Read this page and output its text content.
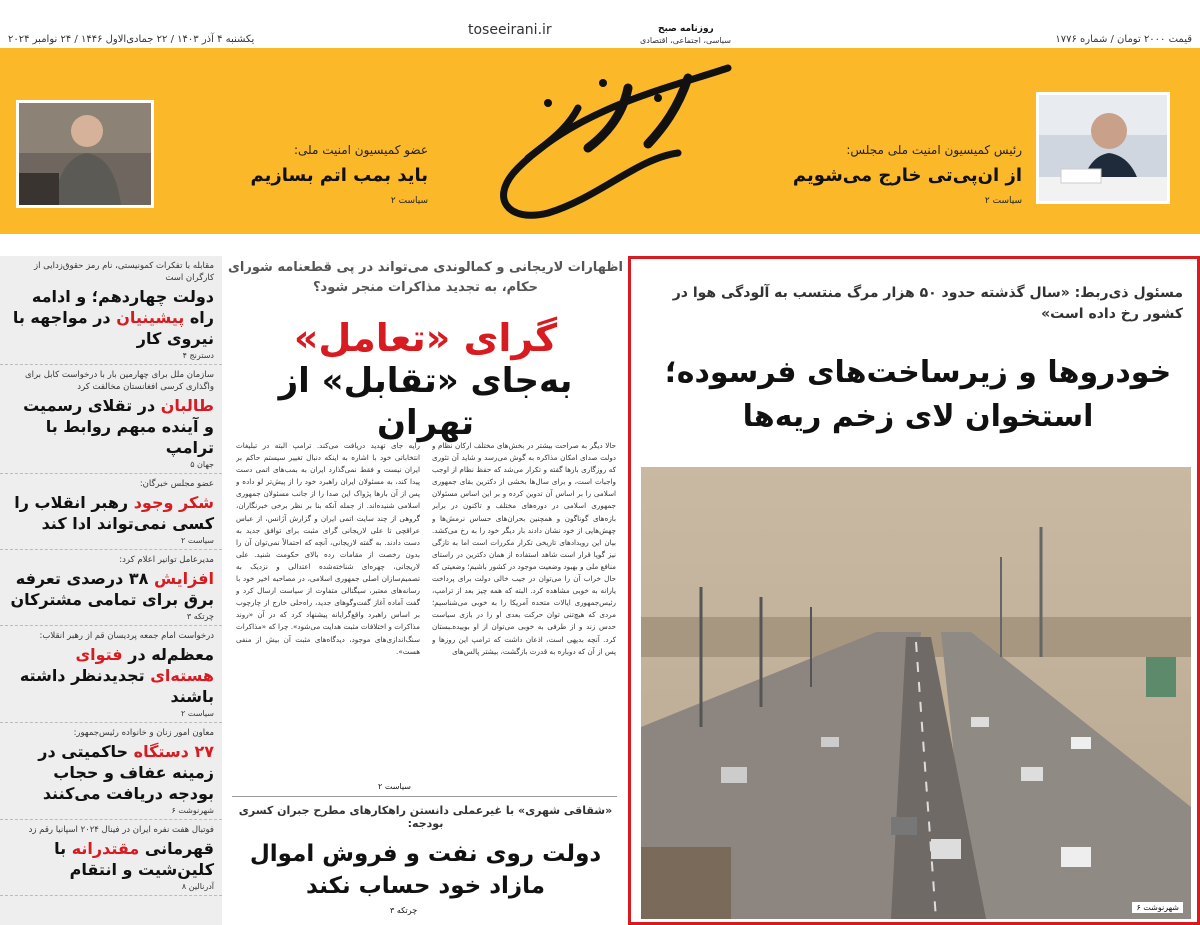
قیمت ۲۰۰۰ تومان / شماره ۱۷۷۶
یکشنبه ۴ آذر ۱۴۰۳ / ۲۲ جمادی‌الاول ۱۴۴۶ / ۲۴ نوامبر ۲۰۲۴
toseeirani.ir	روزنامه صبح
سیاسی، اجتماعی، اقتصادی
رئیس کمیسیون امنیت ملی مجلس:
از ان‌پی‌تی خارج می‌شویم
سیاست ۲
عضو کمیسیون امنیت ملی:
باید بمب اتم بسازیم
سیاست ۲
مقابله با تفکرات کمونیستی، نام رمز حقوق‌زدایی از کارگران است
دولت چهاردهم؛ و ادامه راه پیشینیان در مواجهه با نیروی کار
دسترنج ۴
سازمان ملل برای چهارمین بار با درخواست کابل برای واگذاری کرسی افغانستان مخالفت کرد
طالبان در تقلای رسمیت و آینده مبهم روابط با ترامپ
جهان ۵
عضو مجلس خبرگان:
شکر وجود رهبر انقلاب را کسی نمی‌تواند ادا کند
سیاست ۲
مدیرعامل توانیر اعلام کرد:
افزایش ۳۸ درصدی تعرفه برق برای تمامی مشترکان
چرتکه ۳
درخواست امام جمعه پردیسان قم از رهبر انقلاب:
معظم‌له در فتوای هسته‌ای تجدیدنظر داشته باشند
سیاست ۲
معاون امور زنان و خانواده رئیس‌جمهور:
۲۷ دستگاه حاکمیتی در زمینه عفاف و حجاب بودجه دریافت می‌کنند
شهرنوشت ۶
فوتبال هفت نفره ایران در فینال ۲۰۲۴ اسپانیا رقم زد
قهرمانی مقتدرانه با کلین‌شیت و انتقام
آدرنالین ۸
اظهارات لاریجانی و کمالوندی می‌تواند در پی قطعنامه شورای حکام، به تجدید مذاکرات منجر شود؟
گرای «تعامل»
به‌جای «تقابل» از تهران
حالا دیگر به صراحت بیشتر در بخش‌های مختلف ارکان نظام و دولت صدای امکان مذاکره به گوش می‌رسد و شاید آن تئوری که روزگاری بارها گفته و تکرار می‌شد که حفظ نظام از اوجب واجبات است، و برای سال‌ها بخشی از دکترین بقای جمهوری اسلامی را بر اساس آن تدوین کرده و بر این اساس مسئولان جمهوری اسلامی در دوره‌های مختلف و تاکنون در برابر بازه‌های گوناگون و همچنین بحران‌های حساس نرمش‌ها و چهش‌هایی از خود نشان دادند بار دیگر خود را به رخ می‌کشد. بیان این رویدادهای تاریخی تکرار مکررات است اما به تازگی نیز گویا قرار است شاهد استفاده از همان دکترین در راستای منافع ملی و بهبود وضعیت موجود در کشور باشیم؛ وضعیتی که حال خراب آن را می‌توان در جیب خالی دولت برای پرداخت یارانه به خوبی مشاهده کرد. البته که همه چیز بعد از ترامپ، رئیس‌جمهوری ایالات متحده آمریکا را به خوبی می‌شناسیم؛ مردی که هیچ‌تنی توان حرکت بعدی او را در بازی سیاست حدس زند و از طرفی به خوبی می‌توان از او بوییده‌ـبستان کرد. آنچه بدیهی است، اذعان داشت که ترامپ این روزها و پس از آن که دوباره به قدرت بازگشت، بیشتر پالس‌های
رایه جای تهدید دریافت می‌کند. ترامپ البته در تبلیغات انتخاباتی خود با اشاره به اینکه دنبال تغییر سیستم حاکم بر ایران نیست و فقط نمی‌گذارد ایران به بمب‌های اتمی دست پیدا کند، به مسئولان ایران راهبرد خود را از پیش‌تر لو داده و پس از آن بارها پژواک این صدا را از جانب مسئولان جمهوری اسلامی شنیده‌اند. از جمله آنکه بنا بر نظر برخی خبرنگاران، گروهی از چند سایت اتمی ایران و گزارش آژانس، از عباس عراقچی تا علی لاریجانی گرای مثبت برای توافق جدید به دست دادند. به گفته لاریجانی، آنچه که احتمالاً نمی‌توان آن را بدون رخصت از مقامات رده بالای حکومت شنید. علی لاریجانی، چهره‌ای شناخته‌شده اعتدالی و نزدیک به تصمیم‌سازان اصلی جمهوری اسلامی، در مصاحبه اخیر خود با رسانه‌های معتبر، سیگنالی متفاوت از سیاست ارسال کرد و گفت آماده آغاز گفت‌وگوهای جدید، راه‌حلی خارج از چارچوب بر اساس راهبرد واقع‌گرایانه پیشنهاد کرد که در آن «روند مذاکرات و اختلافات مثبت هدایت می‌شود». چرا که «مذاکرات سنگ‌اندازی‌های موجود، دیدگاه‌های مثبت آن بیش از منفی هست».
سیاست ۲
«شقاقی شهری» با غیرعملی دانستن راهکارهای مطرح جبران کسری بودجه:
دولت روی نفت و فروش اموال مازاد خود حساب نکند
چرتکه ۳
مسئول ذی‌ربط: «سال گذشته حدود ۵۰ هزار مرگ منتسب به آلودگی هوا در کشور رخ داده است»
خودروها و زیرساخت‌های فرسوده؛ استخوان لای زخم ریه‌ها
شهرنوشت ۶
